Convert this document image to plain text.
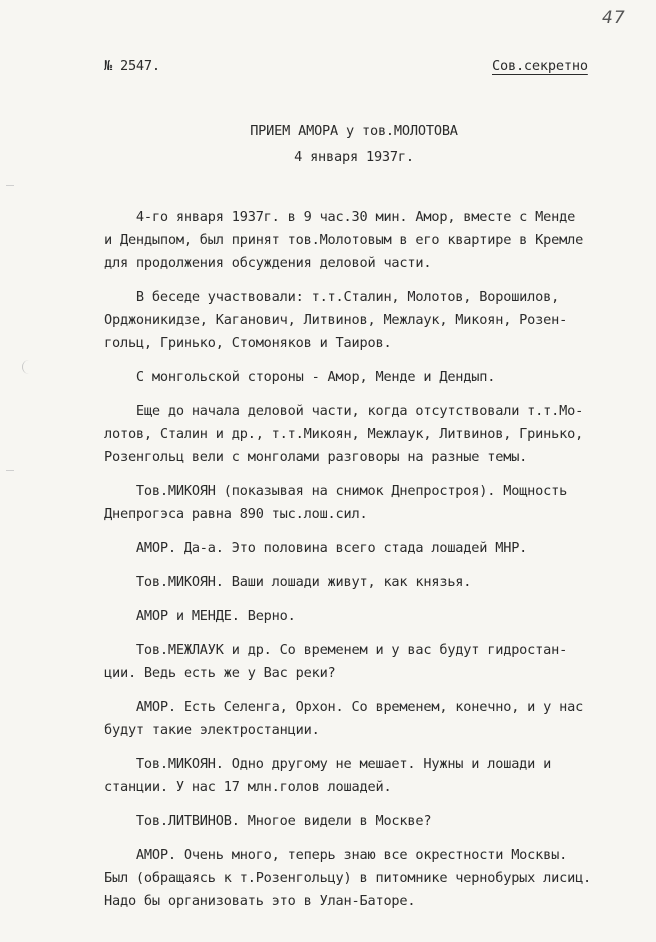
47
№ 2547.	Сов.секретно
ПРИЕМ АМОРА у тов.МОЛОТОВА
4 января 1937г.
4-го января 1937г. в 9 час.30 мин. Амор, вместе с Менде
и Дендыпом, был принят тов.Молотовым в его квартире в Кремле
для продолжения обсуждения деловой части.
В беседе участвовали: т.т.Сталин, Молотов, Ворошилов,
Орджоникидзе, Каганович, Литвинов, Межлаук, Микоян, Розен-
гольц, Гринько, Стомоняков и Таиров.
С монгольской стороны - Амор, Менде и Дендып.
Еще до начала деловой части, когда отсутствовали т.т.Мо-
лотов, Сталин и др., т.т.Микоян, Межлаук, Литвинов, Гринько,
Розенгольц вели с монголами разговоры на разные темы.
Тов.МИКОЯН (показывая на снимок Днепростроя). Мощность
Днепрогэса равна 890 тыс.лош.сил.
АМОР. Да-а. Это половина всего стада лошадей МНР.
Тов.МИКОЯН. Ваши лошади живут, как князья.
АМОР и МЕНДЕ. Верно.
Тов.МЕЖЛАУК и др. Со временем и у вас будут гидростан-
ции. Ведь есть же у Вас реки?
АМОР. Есть Селенга, Орхон. Со временем, конечно, и у нас
будут такие электростанции.
Тов.МИКОЯН. Одно другому не мешает. Нужны и лошади и
станции. У нас 17 млн.голов лошадей.
Тов.ЛИТВИНОВ. Многое видели в Москве?
АМОР. Очень много, теперь знаю все окрестности Москвы.
Был (обращаясь к т.Розенгольцу) в питомнике чернобурых лисиц.
Надо бы организовать это в Улан-Баторе.
